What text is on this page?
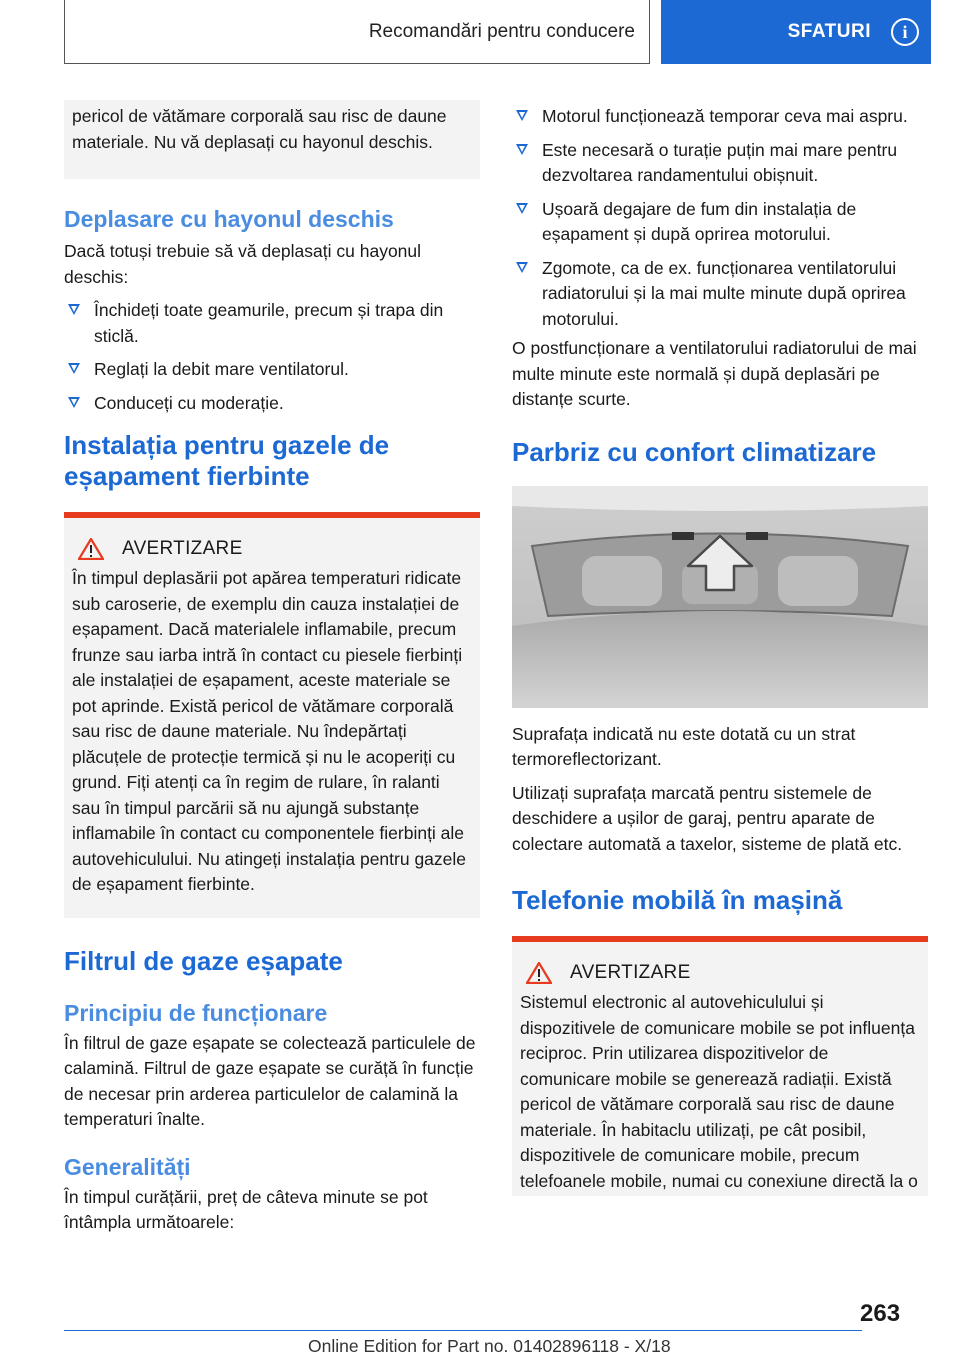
Recomandări pentru conducere	SFATURI	i
pericol de vătămare corporală sau risc de daune materiale. Nu vă deplasați cu hayonul deschis.
Deplasare cu hayonul deschis
Dacă totuși trebuie să vă deplasați cu hayonul deschis:
Închideți toate geamurile, precum și trapa din sticlă.
Reglați la debit mare ventilatorul.
Conduceți cu moderație.
Instalația pentru gazele de eșapament fierbinte
AVERTIZARE
În timpul deplasării pot apărea temperaturi ridicate sub caroserie, de exemplu din cauza instalației de eșapament. Dacă materialele inflamabile, precum frunze sau iarba intră în contact cu piesele fierbinți ale instalației de eșapament, aceste materiale se pot aprinde. Există pericol de vătămare corporală sau risc de daune materiale. Nu îndepărtați plăcuțele de protecție termică și nu le acoperiți cu grund. Fiți atenți ca în regim de rulare, în ralanti sau în timpul parcării să nu ajungă substanțe inflamabile în contact cu componentele fierbinți ale autovehiculului. Nu atingeți instalația pentru gazele de eșapament fierbinte.
Filtrul de gaze eșapate
Principiu de funcționare
În filtrul de gaze eșapate se colectează particulele de calamină. Filtrul de gaze eșapate se curăță în funcție de necesar prin arderea particulelor de calamină la temperaturi înalte.
Generalități
În timpul curățării, preț de câteva minute se pot întâmpla următoarele:
Motorul funcționează temporar ceva mai aspru.
Este necesară o turație puțin mai mare pentru dezvoltarea randamentului obișnuit.
Ușoară degajare de fum din instalația de eșapament și după oprirea motorului.
Zgomote, ca de ex. funcționarea ventilatorului radiatorului și la mai multe minute după oprirea motorului.
O postfuncționare a ventilatorului radiatorului de mai multe minute este normală și după deplasări pe distanțe scurte.
Parbriz cu confort climatizare
Suprafața indicată nu este dotată cu un strat termoreflectorizant.
Utilizați suprafața marcată pentru sistemele de deschidere a ușilor de garaj, pentru aparate de colectare automată a taxelor, sisteme de plată etc.
Telefonie mobilă în mașină
AVERTIZARE
Sistemul electronic al autovehiculului și dispozitivele de comunicare mobile se pot influența reciproc. Prin utilizarea dispozitivelor de comunicare mobile se generează radiații. Există pericol de vătămare corporală sau risc de daune materiale. În habitaclu utilizați, pe cât posibil, dispozitivele de comunicare mobile, precum telefoanele mobile, numai cu conexiune directă la o
263
Online Edition for Part no. 01402896118 - X/18
